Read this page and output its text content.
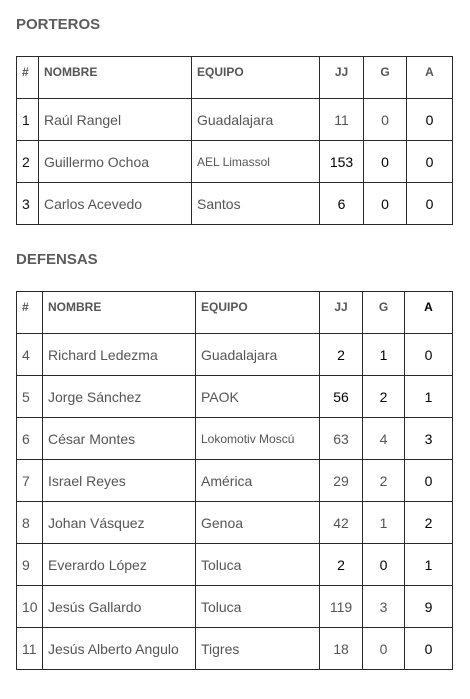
PORTEROS
#	NOMBRE	EQUIPO	JJ	G	A
1	Raúl Rangel	Guadalajara	11	0	0
2	Guillermo Ochoa	AEL Limassol	153	0	0
3	Carlos Acevedo	Santos	6	0	0
DEFENSAS
#	NOMBRE	EQUIPO	JJ	G	A
4	Richard Ledezma	Guadalajara	2	1	0
5	Jorge Sánchez	PAOK	56	2	1
6	César Montes	Lokomotiv Moscú	63	4	3
7	Israel Reyes	América	29	2	0
8	Johan Vásquez	Genoa	42	1	2
9	Everardo López	Toluca	2	0	1
10	Jesús Gallardo	Toluca	119	3	9
11	Jesús Alberto Angulo	Tigres	18	0	0
